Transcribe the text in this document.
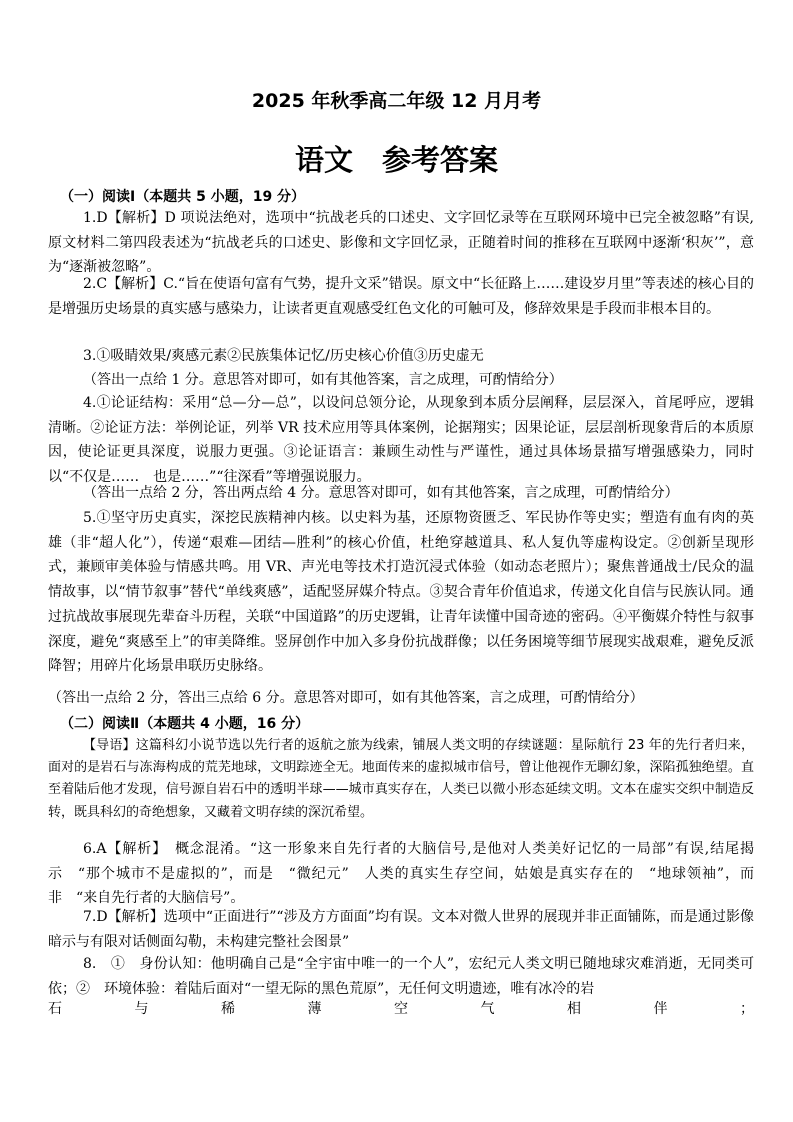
2025 年秋季高二年级 12 月月考

语文　参考答案

（一）阅读Ⅰ（本题共 5 小题，19 分）

1.D【解析】D 项说法绝对，选项中“抗战老兵的口述史、文字回忆录等在互联网环境中已完全被忽略”有误,原文材料二第四段表述为“抗战老兵的口述史、影像和文字回忆录，正随着时间的推移在互联网中逐渐‘积灰’”，意为“逐渐被忽略”。

2.C【解析】C.“旨在使语句富有气势，提升文采”错误。原文中“长征路上……建设岁月里”等表述的核心目的是增强历史场景的真实感与感染力，让读者更直观感受红色文化的可触可及，修辞效果是手段而非根本目的。

3.①吸睛效果/爽感元素②民族集体记忆/历史核心价值③历史虚无

（答出一点给 1 分。意思答对即可，如有其他答案，言之成理，可酌情给分）

4.①论证结构：采用“总—分—总”，以设问总领分论，从现象到本质分层阐释，层层深入，首尾呼应，逻辑清晰。②论证方法：举例论证，列举 VR 技术应用等具体案例，论据翔实；因果论证，层层剖析现象背后的本质原因，使论证更具深度，说服力更强。③论证语言：兼顾生动性与严谨性，通过具体场景描写增强感染力，同时以“不仅是……　也是……”“往深看”等增强说服力。

（答出一点给 2 分，答出两点给 4 分。意思答对即可，如有其他答案，言之成理，可酌情给分）

5.①坚守历史真实，深挖民族精神内核。以史料为基，还原物资匮乏、军民协作等史实；塑造有血有肉的英雄（非“超人化”），传递“艰难—团结—胜利”的核心价值，杜绝穿越道具、私人复仇等虚构设定。②创新呈现形式，兼顾审美体验与情感共鸣。用 VR、声光电等技术打造沉浸式体验（如动态老照片）；聚焦普通战士/民众的温情故事，以“情节叙事”替代“单线爽感”，适配竖屏媒介特点。③契合青年价值追求，传递文化自信与民族认同。通过抗战故事展现先辈奋斗历程，关联“中国道路”的历史逻辑，让青年读懂中国奇迹的密码。④平衡媒介特性与叙事深度，避免“爽感至上”的审美降维。竖屏创作中加入多身份抗战群像；以任务困境等细节展现实战艰难，避免反派降智；用碎片化场景串联历史脉络。

（答出一点给 2 分，答出三点给 6 分。意思答对即可，如有其他答案，言之成理，可酌情给分）

（二）阅读Ⅱ（本题共 4 小题，16 分）

【导语】这篇科幻小说节选以先行者的返航之旅为线索，铺展人类文明的存续谜题：星际航行 23 年的先行者归来，面对的是岩石与冻海构成的荒芜地球，文明踪迹全无。地面传来的虚拟城市信号，曾让他视作无聊幻象，深陷孤独绝望。直至着陆后他才发现，信号源自岩石中的透明半球——城市真实存在，人类已以微小形态延续文明。文本在虚实交织中制造反转，既具科幻的奇绝想象，又藏着文明存续的深沉希望。

6.A【解析】　概念混淆。“这一形象来自先行者的大脑信号,是他对人类美好记忆的一局部”有误,结尾揭示　“那个城市不是虚拟的”，而是　“微纪元”　人类的真实生存空间，姑娘是真实存在的　“地球领袖”，而非　“来自先行者的大脑信号”。

7.D【解析】选项中“正面进行”“涉及方方面面”均有误。文本对微人世界的展现并非正面铺陈，而是通过影像暗示与有限对话侧面勾勒，未构建完整社会图景”

8.　①　身份认知：他明确自己是“全宇宙中唯一的一个人”，宏纪元人类文明已随地球灾难消逝，无同类可依；②　环境体验：着陆后面对“一望无际的黑色荒原”，无任何文明遗迹，唯有冰冷的岩

石	与	稀	薄	空	气	相	伴	；
